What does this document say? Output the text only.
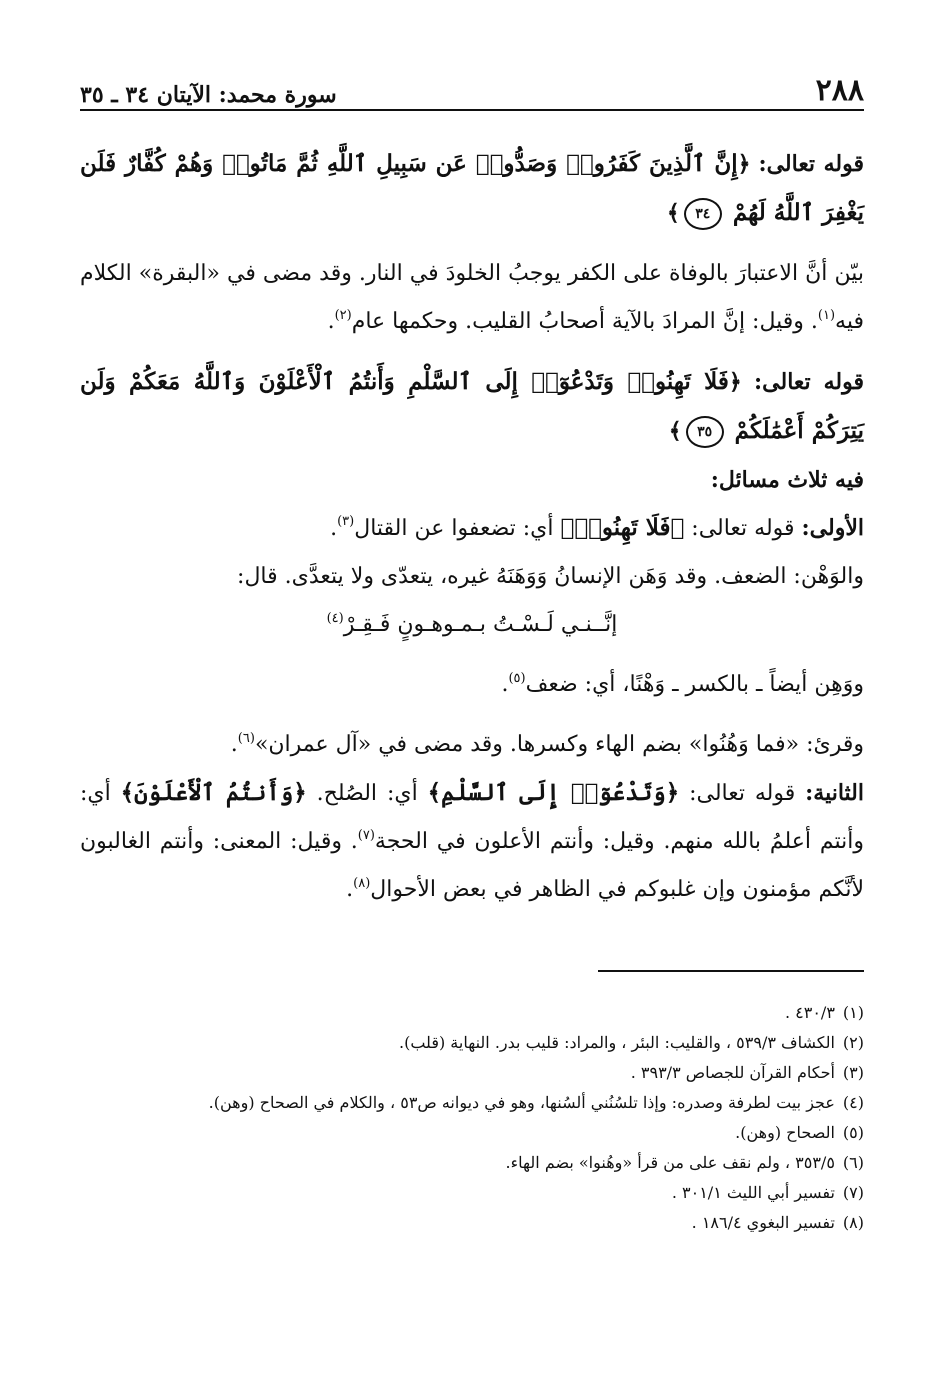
٢٨٨
سورة محمد: الآيتان ٣٤ ـ ٣٥

قوله تعالى: ﴿إِنَّ ٱلَّذِينَ كَفَرُوا۟ وَصَدُّوا۟ عَن سَبِيلِ ٱللَّهِ ثُمَّ مَاتُوا۟ وَهُمْ كُفَّارٌ فَلَن يَغْفِرَ ٱللَّهُ لَهُمْ ٣٤﴾

بيّن أنَّ الاعتبارَ بالوفاة على الكفر يوجبُ الخلودَ في النار. وقد مضى في «البقرة» الكلام فيه$^{(١)}$. وقيل: إنَّ المرادَ بالآية أصحابُ القليب. وحكمها عام$^{(٢)}$.

قوله تعالى: ﴿فَلَا تَهِنُوا۟ وَتَدْعُوٓا۟ إِلَى ٱلسَّلْمِ وَأَنتُمُ ٱلْأَعْلَوْنَ وَٱللَّهُ مَعَكُمْ وَلَن يَتِرَكُمْ أَعْمَٰلَكُمْ ٣٥﴾

فيه ثلاث مسائل:

الأولى: قوله تعالى: ﴿فَلَا تَهِنُوا۟﴾ أي: تضعفوا عن القتال$^{(٣)}$.

والوَهْن: الضعف. وقد وَهَن الإنسانُ وَوَهَنَهُ غيره، يتعدّى ولا يتعدَّى. قال:

إنَّــنـي لَـسْـتُ بـمـوهـونٍ فَـقِـرْ$^{(٤)}$

ووَهِن أيضاً ـ بالكسر ـ وَهْنًا، أي: ضعف$^{(٥)}$.

وقرئ: «فما وَهُنُوا» بضم الهاء وكسرها. وقد مضى في «آل عمران»$^{(٦)}$.

الثانية: قوله تعالى: ﴿وَتَدْعُوٓا۟ إِلَى ٱلسَّلْمِ﴾ أي: الصُلح. ﴿وَأَنتُمُ ٱلْأَعْلَوْنَ﴾ أي: وأنتم أعلمُ بالله منهم. وقيل: وأنتم الأعلون في الحجة$^{(٧)}$. وقيل: المعنى: وأنتم الغالبون لأنَّكم مؤمنون وإن غلبوكم في الظاهر في بعض الأحوال$^{(٨)}$.

(١)
٤٣٠/٣ .
(٢)
الكشاف ٥٣٩/٣ ، والقليب: البئر ، والمراد: قليب بدر. النهاية (قلب).
(٣)
أحكام القرآن للجصاص ٣٩٣/٣ .
(٤)
عجز بيت لطرفة وصدره: وإذا تلسُنُني ألسُنها، وهو في ديوانه ص٥٣ ، والكلام في الصحاح (وهن).
(٥)
الصحاح (وهن).
(٦)
٣٥٣/٥ ، ولم نقف على من قرأ «وهُنوا» بضم الهاء.
(٧)
تفسير أبي الليث ٣٠١/١ .
(٨)
تفسير البغوي ١٨٦/٤ .
